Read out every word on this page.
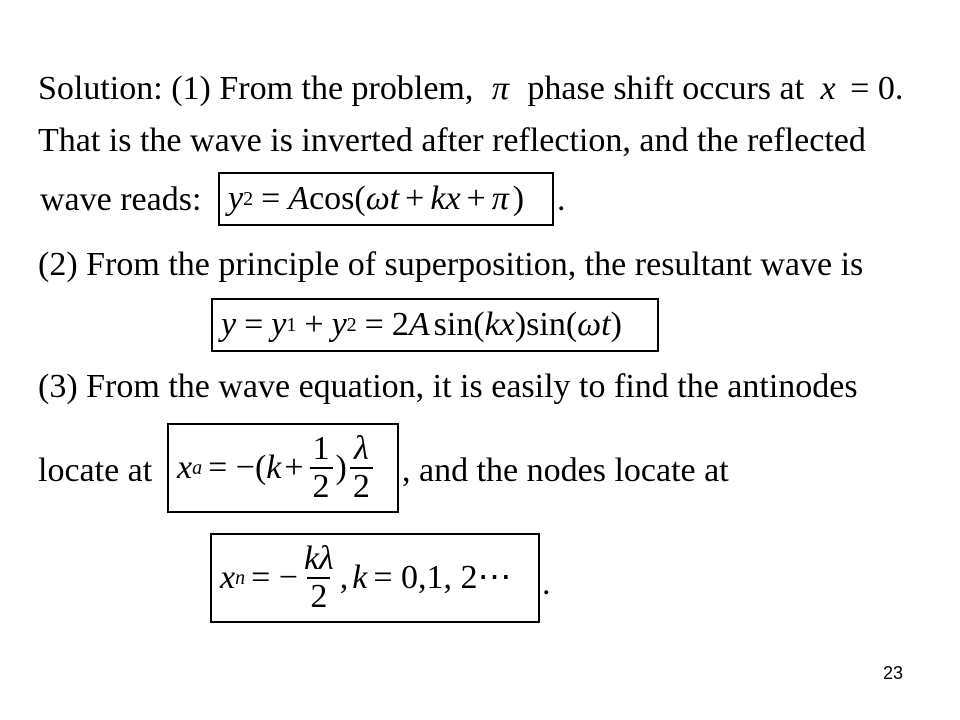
Solution: (1) From the problem, π phase shift occurs at x = 0.
That is the wave is inverted after reflection, and the reflected
wave reads: y 2 = A cos( ωt + kx + π ) .
(2) From the principle of superposition, the resultant wave is
y = y 1 + y 2 = 2 A sin( kx )sin( ωt )
(3) From the wave equation, it is easily to find the antinodes
locate at x a = −( $k + \frac{1}{2}$ ) $\frac{\lambda}{2}$ , and the nodes locate at
x n = − $\frac{k\lambda}{2}$ , k = 0,1, 2⋯ .
23
